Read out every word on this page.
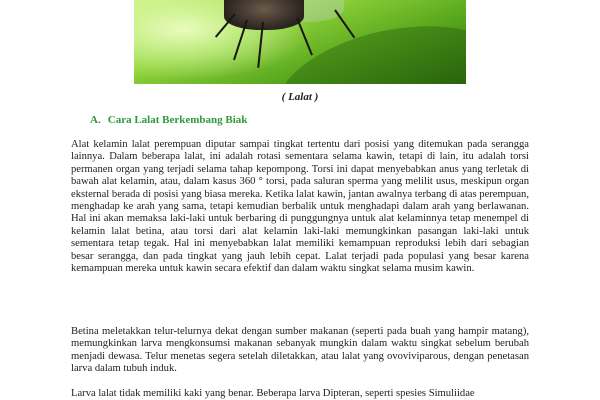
( Lalat )
A. Cara Lalat Berkembang Biak

Alat kelamin lalat perempuan diputar sampai tingkat tertentu dari posisi yang ditemukan pada serangga lainnya. Dalam beberapa lalat, ini adalah rotasi sementara selama kawin, tetapi di lain, itu adalah torsi permanen organ yang terjadi selama tahap kepompong. Torsi ini dapat menyebabkan anus yang terletak di bawah alat kelamin, atau, dalam kasus 360 ° torsi, pada saluran sperma yang melilit usus, meskipun organ eksternal berada di posisi yang biasa mereka. Ketika lalat kawin, jantan awalnya terbang di atas perempuan, menghadap ke arah yang sama, tetapi kemudian berbalik untuk menghadapi dalam arah yang berlawanan. Hal ini akan memaksa laki-laki untuk berbaring di punggungnya untuk alat kelaminnya tetap menempel di kelamin lalat betina, atau torsi dari alat kelamin laki-laki memungkinkan pasangan laki-laki untuk sementara tetap tegak. Hal ini menyebabkan lalat memiliki kemampuan reproduksi lebih dari sebagian besar serangga, dan pada tingkat yang jauh lebih cepat. Lalat terjadi pada populasi yang besar karena kemampuan mereka untuk kawin secara efektif dan dalam waktu singkat selama musim kawin.

Betina meletakkan telur-telurnya dekat dengan sumber makanan (seperti pada buah yang hampir matang), memungkinkan larva mengkonsumsi makanan sebanyak mungkin dalam waktu singkat sebelum berubah menjadi dewasa. Telur menetas segera setelah diletakkan, atau lalat yang ovoviviparous, dengan penetasan larva dalam tubuh induk.

Larva lalat tidak memiliki kaki yang benar. Beberapa larva Dipteran, seperti spesies Simuliidae
